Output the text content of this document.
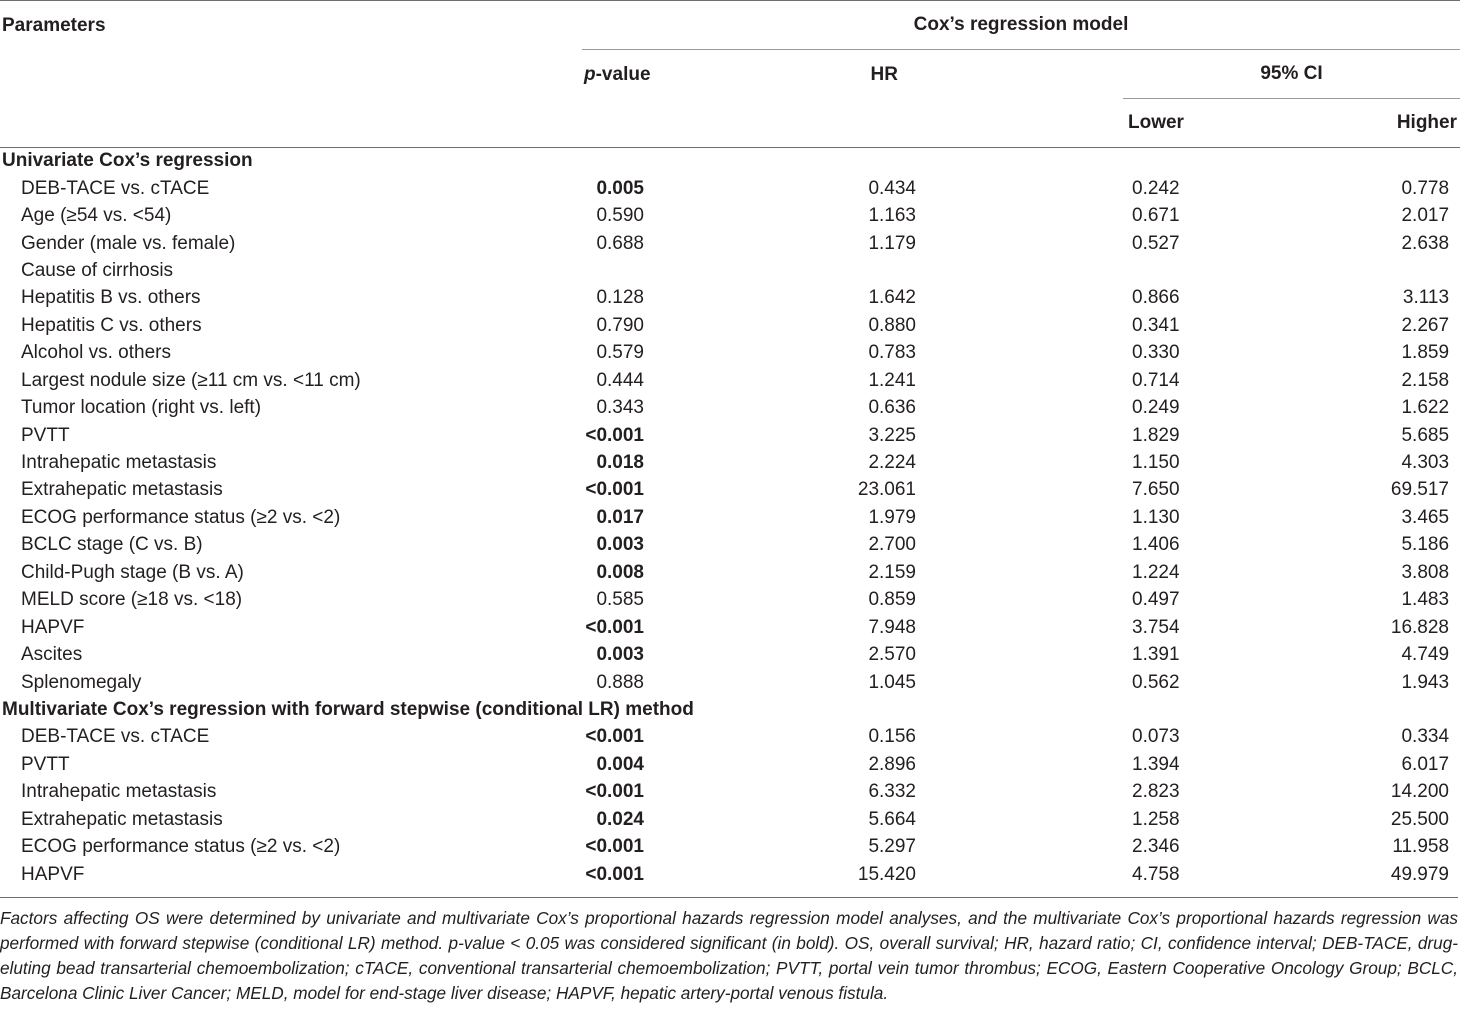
Parameters	Cox’s regression model			
	p-value	HR	95% CI	
			Lower	Higher

Univariate Cox’s regression				
DEB-TACE vs. cTACE	0.005	0.434	0.242	0.778
Age (≥54 vs. <54)	0.590	1.163	0.671	2.017
Gender (male vs. female)	0.688	1.179	0.527	2.638
Cause of cirrhosis				
Hepatitis B vs. others	0.128	1.642	0.866	3.113
Hepatitis C vs. others	0.790	0.880	0.341	2.267
Alcohol vs. others	0.579	0.783	0.330	1.859
Largest nodule size (≥11 cm vs. <11 cm)	0.444	1.241	0.714	2.158
Tumor location (right vs. left)	0.343	0.636	0.249	1.622
PVTT	<0.001	3.225	1.829	5.685
Intrahepatic metastasis	0.018	2.224	1.150	4.303
Extrahepatic metastasis	<0.001	23.061	7.650	69.517
ECOG performance status (≥2 vs. <2)	0.017	1.979	1.130	3.465
BCLC stage (C vs. B)	0.003	2.700	1.406	5.186
Child-Pugh stage (B vs. A)	0.008	2.159	1.224	3.808
MELD score (≥18 vs. <18)	0.585	0.859	0.497	1.483
HAPVF	<0.001	7.948	3.754	16.828
Ascites	0.003	2.570	1.391	4.749
Splenomegaly	0.888	1.045	0.562	1.943
Multivariate Cox’s regression with forward stepwise (conditional LR) method				
DEB-TACE vs. cTACE	<0.001	0.156	0.073	0.334
PVTT	0.004	2.896	1.394	6.017
Intrahepatic metastasis	<0.001	6.332	2.823	14.200
Extrahepatic metastasis	0.024	5.664	1.258	25.500
ECOG performance status (≥2 vs. <2)	<0.001	5.297	2.346	11.958
HAPVF	<0.001	15.420	4.758	49.979
Factors affecting OS were determined by univariate and multivariate Cox’s proportional hazards regression model analyses, and the multivariate Cox’s proportional hazards regression was performed with forward stepwise (conditional LR) method. p-value < 0.05 was considered significant (in bold). OS, overall survival; HR, hazard ratio; CI, confidence interval; DEB-TACE, drug-eluting bead transarterial chemoembolization; cTACE, conventional transarterial chemoembolization; PVTT, portal vein tumor thrombus; ECOG, Eastern Cooperative Oncology Group; BCLC, Barcelona Clinic Liver Cancer; MELD, model for end-stage liver disease; HAPVF, hepatic artery-portal venous fistula.
